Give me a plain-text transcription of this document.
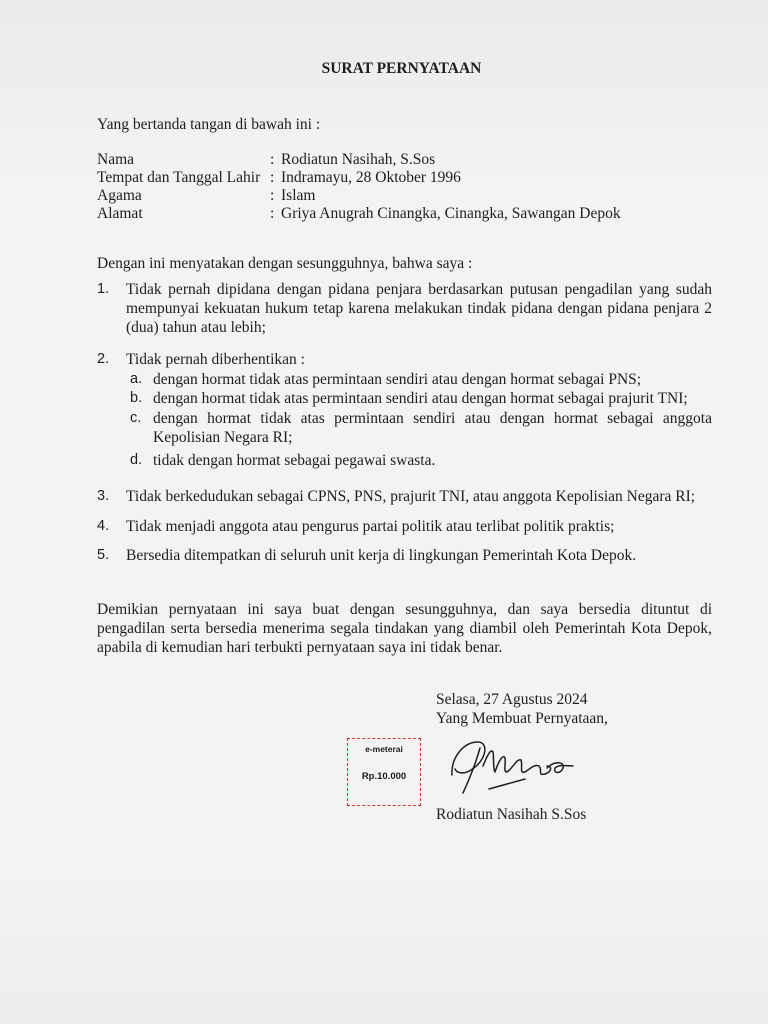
SURAT PERNYATAAN
Yang bertanda tangan di bawah ini :
Nama	: Rodiatun Nasihah, S.Sos
Tempat dan Tanggal Lahir : Indramayu, 28 Oktober 1996
Agama	: Islam
Alamat	: Griya Anugrah Cinangka, Cinangka, Sawangan Depok
Dengan ini menyatakan dengan sesungguhnya, bahwa saya :
1. Tidak pernah dipidana dengan pidana penjara berdasarkan putusan pengadilan yang sudah
mempunyai kekuatan hukum tetap karena melakukan tindak pidana dengan pidana penjara 2
(dua) tahun atau lebih;
2. Tidak pernah diberhentikan :
a. dengan hormat tidak atas permintaan sendiri atau dengan hormat sebagai PNS;
b. dengan hormat tidak atas permintaan sendiri atau dengan hormat sebagai prajurit TNI;
c. dengan hormat tidak atas permintaan sendiri atau dengan hormat sebagai anggota
Kepolisian Negara RI;
d. tidak dengan hormat sebagai pegawai swasta.
3. Tidak berkedudukan sebagai CPNS, PNS, prajurit TNI, atau anggota Kepolisian Negara RI;
4. Tidak menjadi anggota atau pengurus partai politik atau terlibat politik praktis;
5. Bersedia ditempatkan di seluruh unit kerja di lingkungan Pemerintah Kota Depok.
Demikian pernyataan ini saya buat dengan sesungguhnya, dan saya bersedia dituntut di
pengadilan serta bersedia menerima segala tindakan yang diambil oleh Pemerintah Kota Depok,
apabila di kemudian hari terbukti pernyataan saya ini tidak benar.
Selasa, 27 Agustus 2024
Yang Membuat Pernyataan,
e-meterai
Rp.10.000
Rodiatun Nasihah S.Sos
